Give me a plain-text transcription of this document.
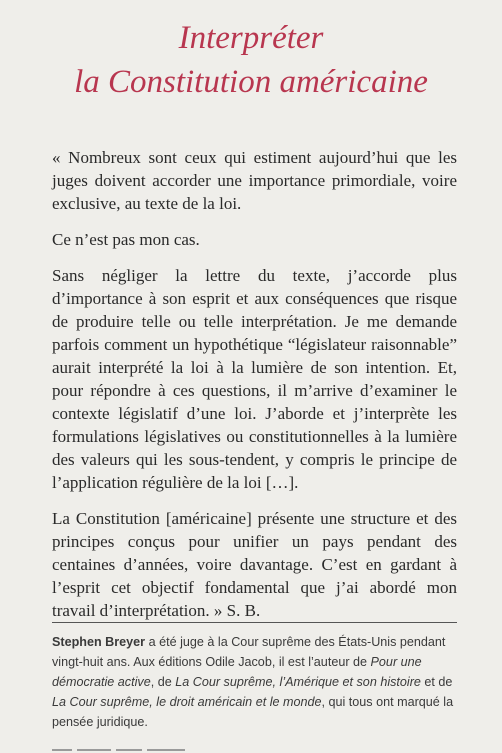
Interpréter
la Constitution américaine

« Nombreux sont ceux qui estiment aujourd’hui que les juges doivent accorder une importance primordiale, voire exclusive, au texte de la loi.

Ce n’est pas mon cas.

Sans négliger la lettre du texte, j’accorde plus d’importance à son esprit et aux conséquences que risque de produire telle ou telle interprétation. Je me demande parfois comment un hypothétique “législateur raisonnable” aurait interprété la loi à la lumière de son intention. Et, pour répondre à ces questions, il m’arrive d’examiner le contexte législatif d’une loi. J’aborde et j’interprète les formulations législatives ou constitutionnelles à la lumière des valeurs qui les sous-tendent, y compris le principe de l’application régulière de la loi […].

La Constitution [américaine] présente une structure et des principes conçus pour unifier un pays pendant des centaines d’années, voire davantage. C’est en gardant à l’esprit cet objectif fondamental que j’ai abordé mon travail d’interprétation. » S. B.

Stephen Breyer a été juge à la Cour suprême des États-Unis pendant vingt-huit ans. Aux éditions Odile Jacob, il est l’auteur de Pour une démocratie active, de La Cour suprême, l’Amérique et son histoire et de La Cour suprême, le droit américain et le monde, qui tous ont marqué la pensée juridique.
